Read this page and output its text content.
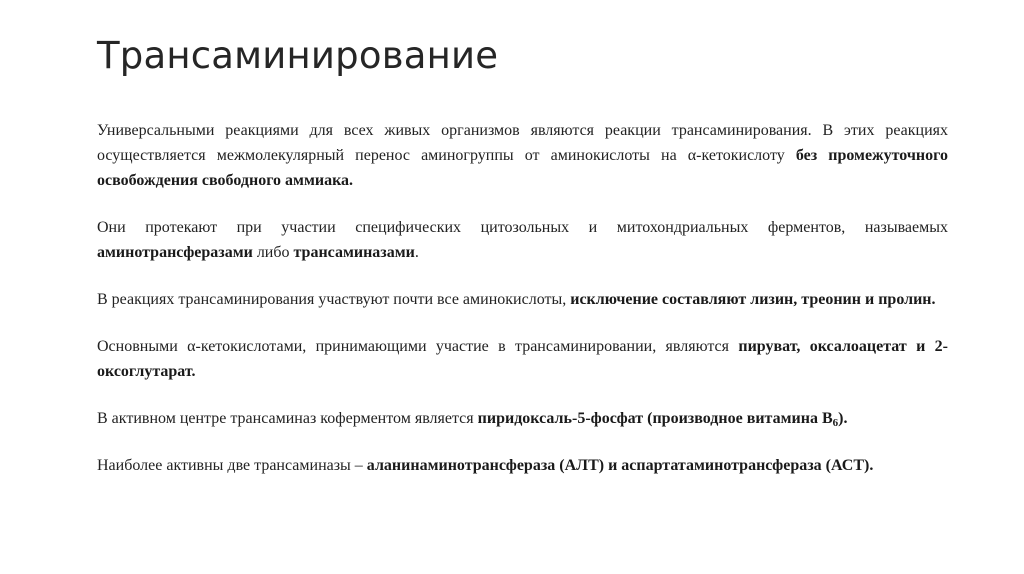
Трансаминирование

Универсальными реакциями для всех живых организмов являются реакции трансаминирования. В этих реакциях осуществляется межмолекулярный перенос аминогруппы от аминокислоты на α-кетокислоту без промежуточного освобождения свободного аммиака.

Они протекают при участии специфических цитозольных и митохондриальных ферментов, называемых аминотрансферазами либо трансаминазами.

В реакциях трансаминирования участвуют почти все аминокислоты, исключение составляют лизин, треонин и пролин.

Основными α-кетокислотами, принимающими участие в трансаминировании, являются пируват, оксалоацетат и 2-оксоглутарат.

В активном центре трансаминаз коферментом является пиридоксаль-5-фосфат (производное витамина $В_6$).

Наиболее активны две трансаминазы – аланинаминотрансфераза (АЛТ) и аспартатаминотрансфераза (АСТ).
